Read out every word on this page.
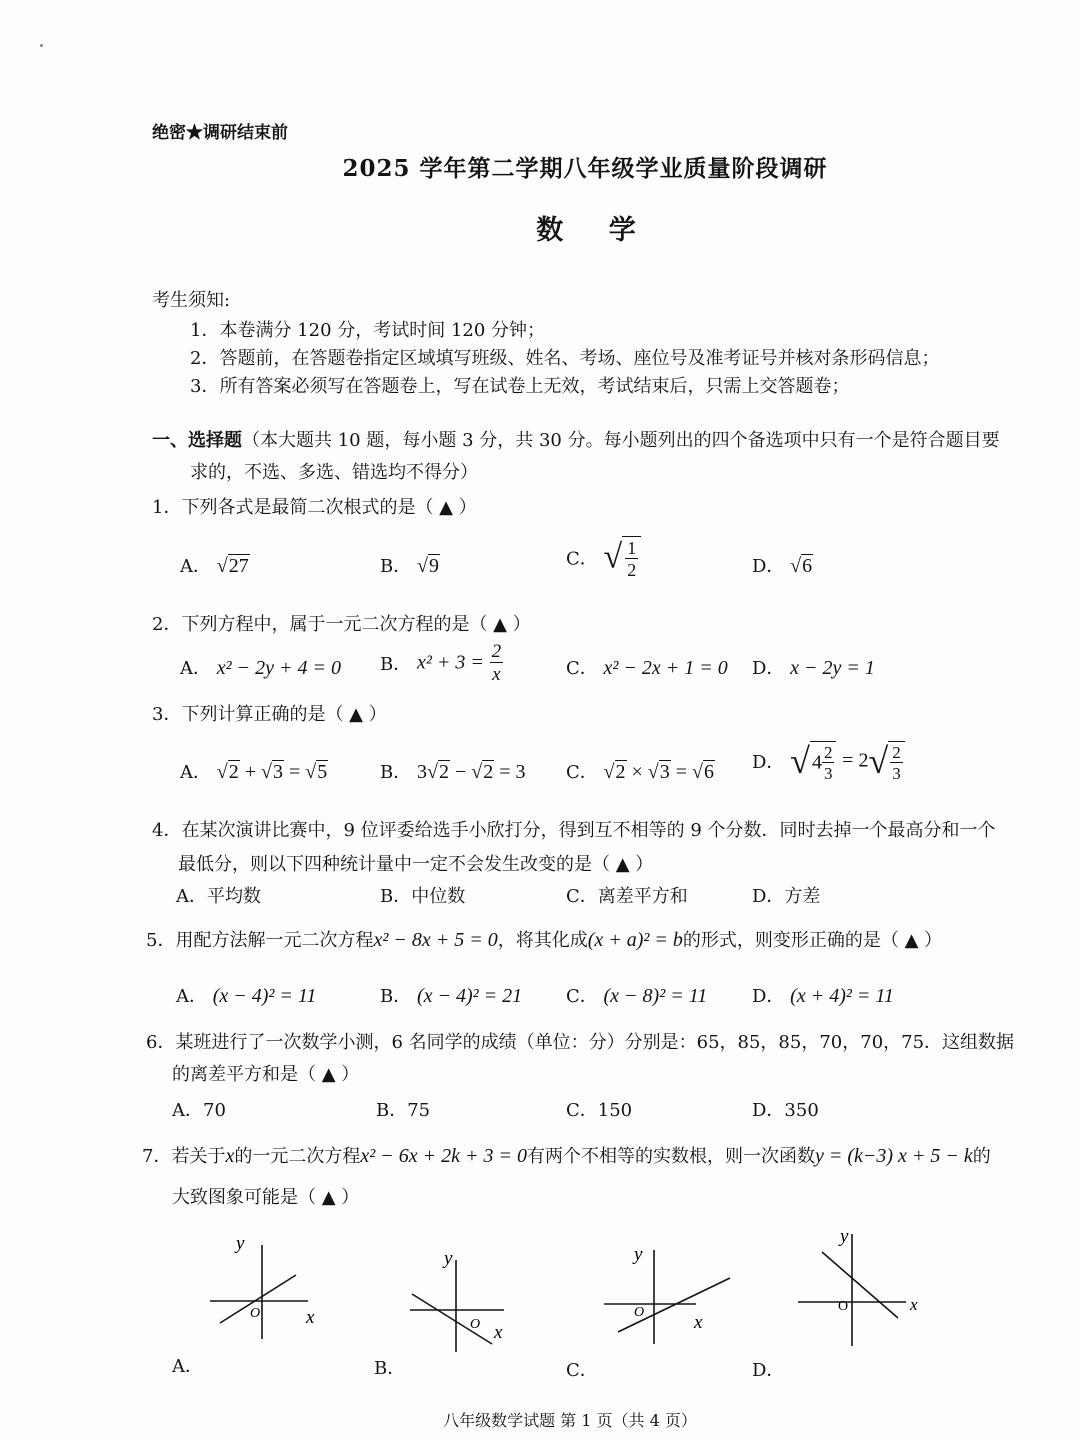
绝密★调研结束前
2025 学年第二学期八年级学业质量阶段调研
数 学
考生须知:
1．本卷满分 120 分，考试时间 120 分钟；
2．答题前，在答题卷指定区域填写班级、姓名、考场、座位号及准考证号并核对条形码信息；
3．所有答案必须写在答题卷上，写在试卷上无效，考试结束后，只需上交答题卷；
一、选择题（本大题共 10 题，每小题 3 分，共 30 分。每小题列出的四个备选项中只有一个是符合题目要
求的，不选、多选、错选均不得分）
1．下列各式是最简二次根式的是（ ▲ ）
A． √27	B． √9	C． √ $\frac{1}{2}$	D． √6
2．下列方程中，属于一元二次方程的是（ ▲ ）
A． x² − 2y + 4 = 0 B． $x^2 + 3 = \frac{2}{x}$	C． x² − 2x + 1 = 0 D． x − 2y = 1
3．下列计算正确的是（ ▲ ）
A． √2 + √3 = √5	B． 3√2 − √2 = 3 C． √2 × √3 = √6 D． √ $4 \frac{2}{3} = 2√ \frac{2}{3}$
4．在某次演讲比赛中，9 位评委给选手小欣打分，得到互不相等的 9 个分数．同时去掉一个最高分和一个
最低分，则以下四种统计量中一定不会发生改变的是（ ▲ ）
A．平均数	B．中位数	C．离差平方和	D．方差
5．用配方法解一元二次方程x² − 8x + 5 = 0，将其化成(x + a)² = b的形式，则变形正确的是（ ▲ ）
A． (x − 4)² = 11	B． (x − 4)² = 21 C． (x − 8)² = 11 D． (x + 4)² = 11
6．某班进行了一次数学小测，6 名同学的成绩（单位：分）分别是：65，85，85，70，70，75．这组数据
的离差平方和是（ ▲ ）
A．70	B．75	C．150	D．350
7．若关于x的一元二次方程x² − 6x + 2k + 3 = 0有两个不相等的实数根，则一次函数y = (k−3) x + 5 − k的
大致图象可能是（ ▲ ）
y
x
O
A．
y
x
O
B．
y
x
O
C．
y
x
O
D．
八年级数学试题 第 1 页（共 4 页）
